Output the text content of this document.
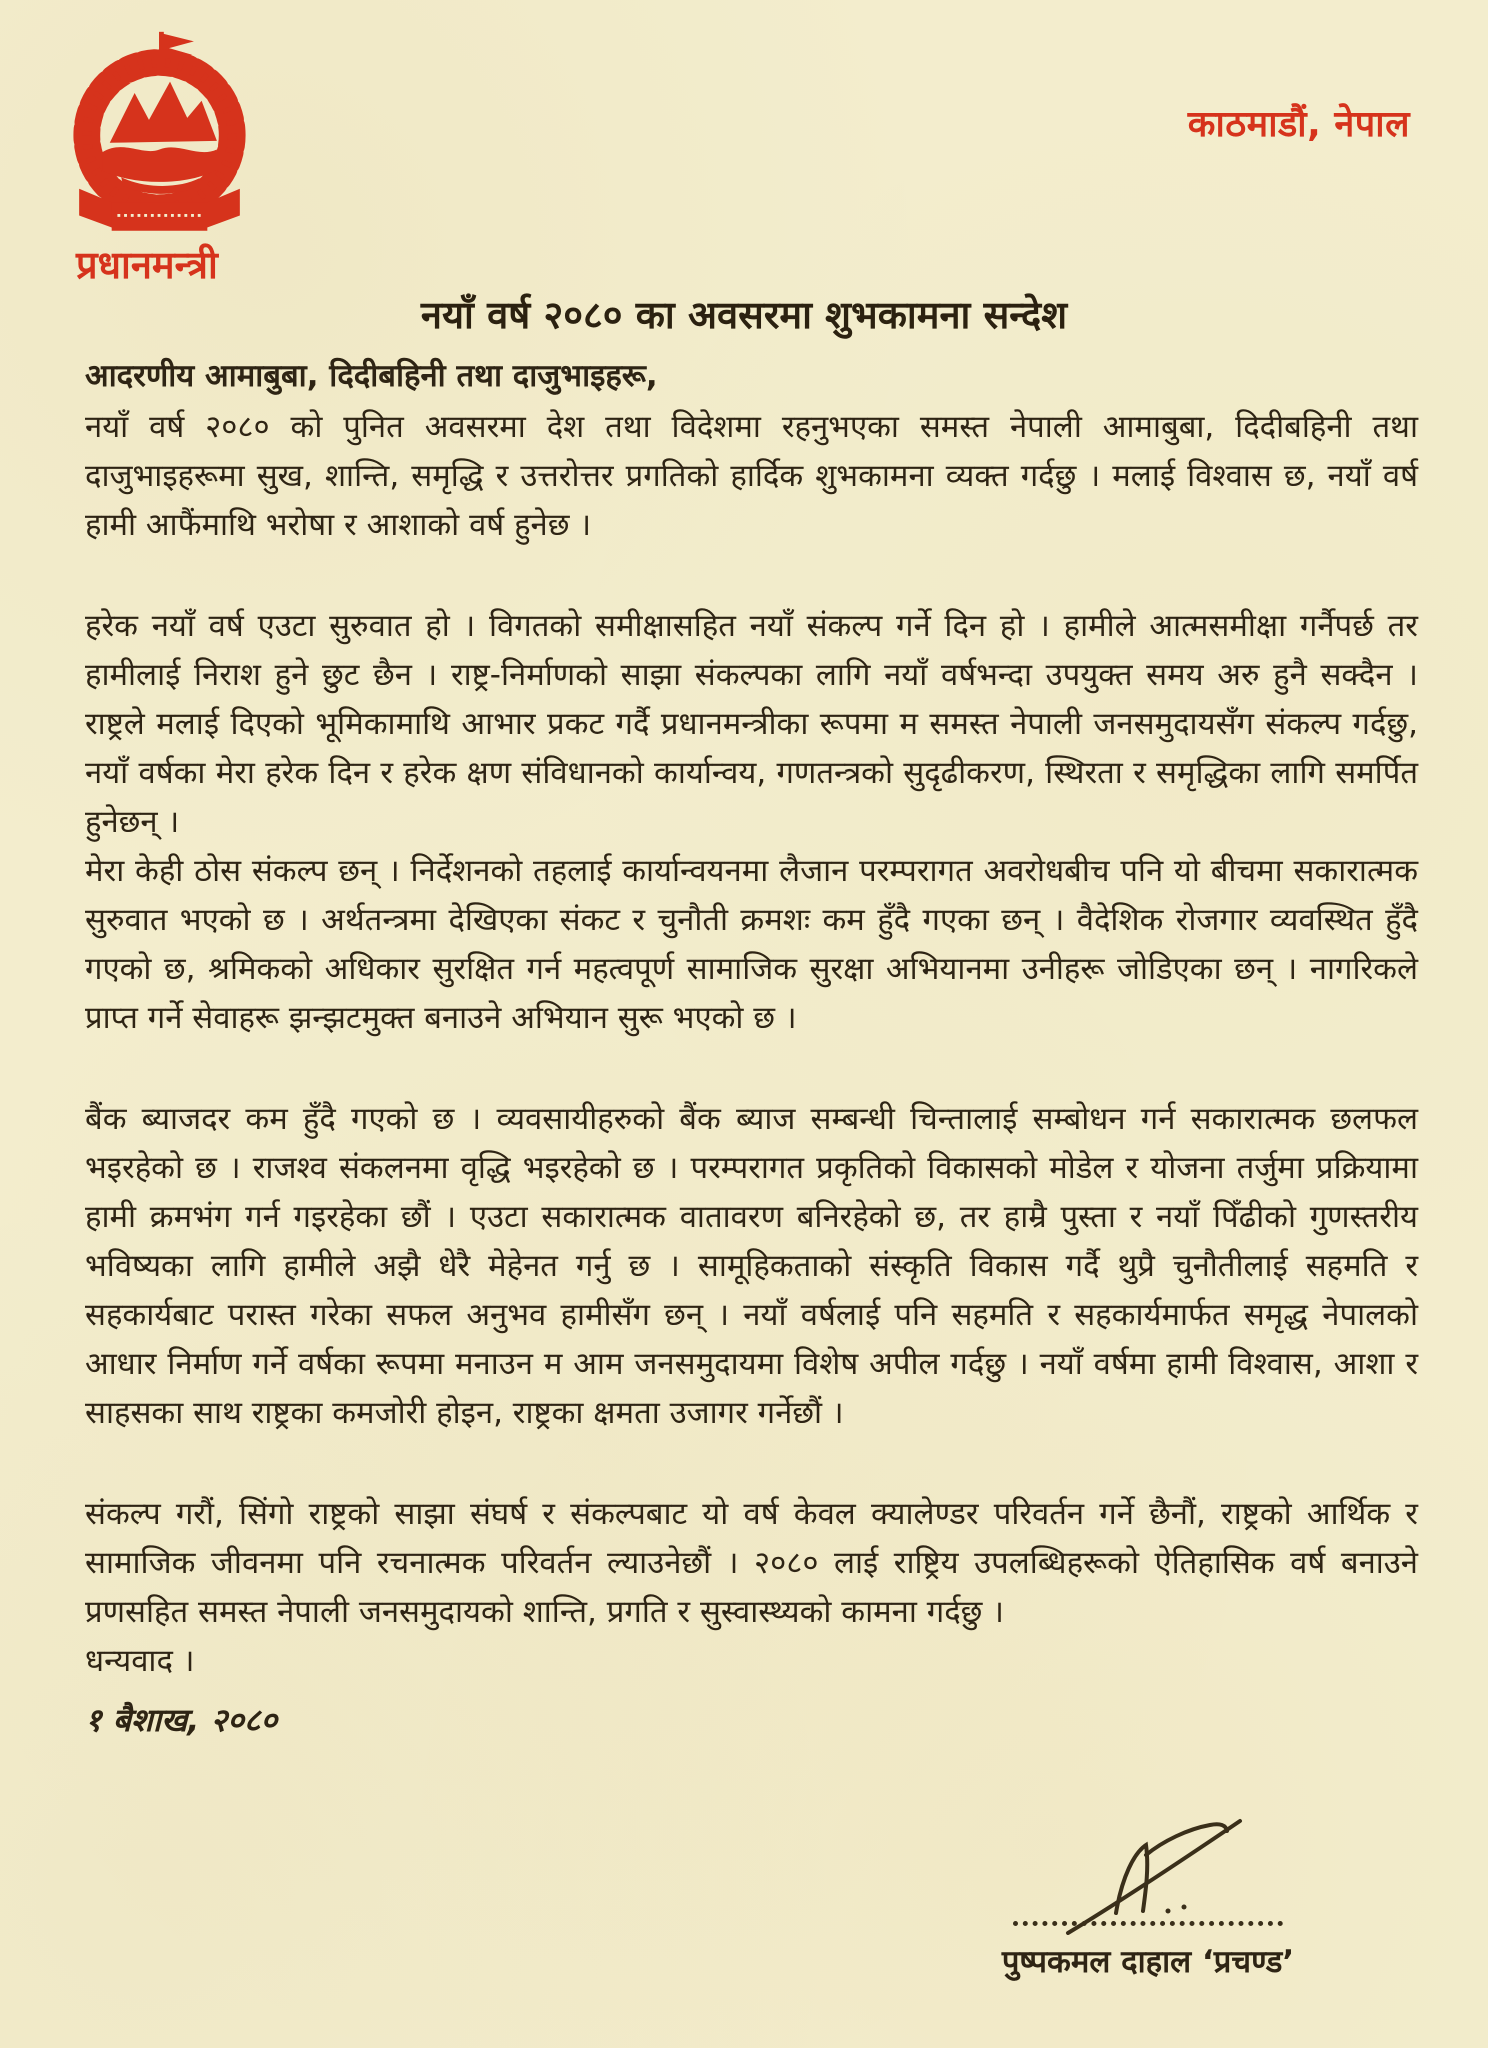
काठमाडौं, नेपाल
प्रधानमन्त्री
नयाँ वर्ष २०८० का अवसरमा शुभकामना सन्देश

आदरणीय आमाबुबा, दिदीबहिनी तथा दाजुभाइहरू,

नयाँ वर्ष २०८० को पुनित अवसरमा देश तथा विदेशमा रहनुभएका समस्त नेपाली आमाबुबा, दिदीबहिनी तथा दाजुभाइहरूमा सुख, शान्ति, समृद्धि र उत्तरोत्तर प्रगतिको हार्दिक शुभकामना व्यक्त गर्दछु । मलाई विश्वास छ, नयाँ वर्ष हामी आफैंमाथि भरोषा र आशाको वर्ष हुनेछ ।

हरेक नयाँ वर्ष एउटा सुरुवात हो । विगतको समीक्षासहित नयाँ संकल्प गर्ने दिन हो । हामीले आत्मसमीक्षा गर्नैपर्छ तर हामीलाई निराश हुने छुट छैन । राष्ट्र-निर्माणको साझा संकल्पका लागि नयाँ वर्षभन्दा उपयुक्त समय अरु हुनै सक्दैन । राष्ट्रले मलाई दिएको भूमिकामाथि आभार प्रकट गर्दै प्रधानमन्त्रीका रूपमा म समस्त नेपाली जनसमुदायसँग संकल्प गर्दछु, नयाँ वर्षका मेरा हरेक दिन र हरेक क्षण संविधानको कार्यान्वय, गणतन्त्रको सुदृढीकरण, स्थिरता र समृद्धिका लागि समर्पित हुनेछन् ।

मेरा केही ठोस संकल्प छन् । निर्देशनको तहलाई कार्यान्वयनमा लैजान परम्परागत अवरोधबीच पनि यो बीचमा सकारात्मक सुरुवात भएको छ । अर्थतन्त्रमा देखिएका संकट र चुनौती क्रमशः कम हुँदै गएका छन् । वैदेशिक रोजगार व्यवस्थित हुँदै गएको छ, श्रमिकको अधिकार सुरक्षित गर्न महत्वपूर्ण सामाजिक सुरक्षा अभियानमा उनीहरू जोडिएका छन् । नागरिकले प्राप्त गर्ने सेवाहरू झन्झटमुक्त बनाउने अभियान सुरू भएको छ ।

बैंक ब्याजदर कम हुँदै गएको छ । व्यवसायीहरुको बैंक ब्याज सम्बन्धी चिन्तालाई सम्बोधन गर्न सकारात्मक छलफल भइरहेको छ । राजश्व संकलनमा वृद्धि भइरहेको छ । परम्परागत प्रकृतिको विकासको मोडेल र योजना तर्जुमा प्रक्रियामा हामी क्रमभंग गर्न गइरहेका छौं । एउटा सकारात्मक वातावरण बनिरहेको छ, तर हाम्रै पुस्ता र नयाँ पिँढीको गुणस्तरीय भविष्यका लागि हामीले अझै धेरै मेहेनत गर्नु छ । सामूहिकताको संस्कृति विकास गर्दै थुप्रै चुनौतीलाई सहमति र सहकार्यबाट परास्त गरेका सफल अनुभव हामीसँग छन् । नयाँ वर्षलाई पनि सहमति र सहकार्यमार्फत समृद्ध नेपालको आधार निर्माण गर्ने वर्षका रूपमा मनाउन म आम जनसमुदायमा विशेष अपील गर्दछु । नयाँ वर्षमा हामी विश्वास, आशा र साहसका साथ राष्ट्रका कमजोरी होइन, राष्ट्रका क्षमता उजागर गर्नेछौं ।

संकल्प गरौं, सिंगो राष्ट्रको साझा संघर्ष र संकल्पबाट यो वर्ष केवल क्यालेण्डर परिवर्तन गर्ने छैनौं, राष्ट्रको आर्थिक र सामाजिक जीवनमा पनि रचनात्मक परिवर्तन ल्याउनेछौं । २०८० लाई राष्ट्रिय उपलब्धिहरूको ऐतिहासिक वर्ष बनाउने प्रणसहित समस्त नेपाली जनसमुदायको शान्ति, प्रगति र सुस्वास्थ्यको कामना गर्दछु ।

धन्यवाद ।

१ बैशाख, २०८०

पुष्पकमल दाहाल ‘प्रचण्ड’
